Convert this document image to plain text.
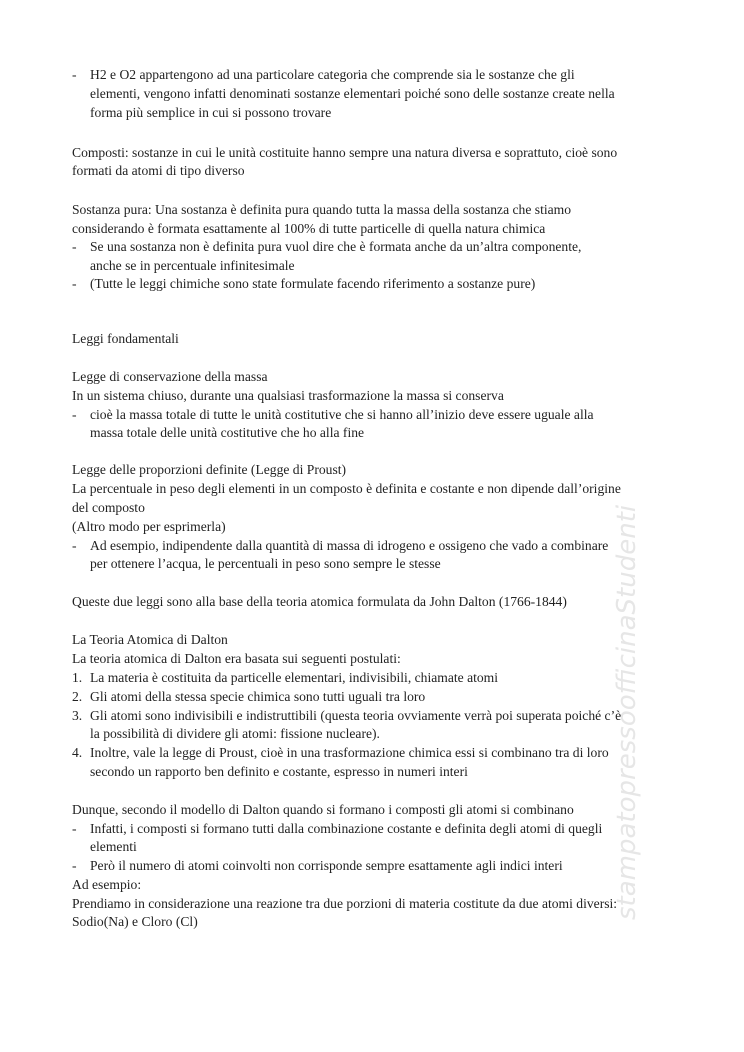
stampatopressoofficinaStudenti
- H2 e O2 appartengono ad una particolare categoria che comprende sia le sostanze che gli
elementi, vengono infatti denominati sostanze elementari poiché sono delle sostanze create nella
forma più semplice in cui si possono trovare
Composti: sostanze in cui le unità costituite hanno sempre una natura diversa e soprattuto, cioè sono
formati da atomi di tipo diverso
Sostanza pura: Una sostanza è definita pura quando tutta la massa della sostanza che stiamo
considerando è formata esattamente al 100% di tutte particelle di quella natura chimica
- Se una sostanza non è definita pura vuol dire che è formata anche da un’altra componente,
anche se in percentuale infinitesimale
- (Tutte le leggi chimiche sono state formulate facendo riferimento a sostanze pure)
Leggi fondamentali
Legge di conservazione della massa
In un sistema chiuso, durante una qualsiasi trasformazione la massa si conserva
- cioè la massa totale di tutte le unità costitutive che si hanno all’inizio deve essere uguale alla
massa totale delle unità costitutive che ho alla fine
Legge delle proporzioni definite (Legge di Proust)
La percentuale in peso degli elementi in un composto è definita e costante e non dipende dall’origine
del composto
(Altro modo per esprimerla)
- Ad esempio, indipendente dalla quantità di massa di idrogeno e ossigeno che vado a combinare
per ottenere l’acqua, le percentuali in peso sono sempre le stesse
Queste due leggi sono alla base della teoria atomica formulata da John Dalton (1766-1844)
La Teoria Atomica di Dalton
La teoria atomica di Dalton era basata sui seguenti postulati:
1. La materia è costituita da particelle elementari, indivisibili, chiamate atomi
2. Gli atomi della stessa specie chimica sono tutti uguali tra loro
3. Gli atomi sono indivisibili e indistruttibili (questa teoria ovviamente verrà poi superata poiché c’è
la possibilità di dividere gli atomi: fissione nucleare).
4. Inoltre, vale la legge di Proust, cioè in una trasformazione chimica essi si combinano tra di loro
secondo un rapporto ben definito e costante, espresso in numeri interi
Dunque, secondo il modello di Dalton quando si formano i composti gli atomi si combinano
- Infatti, i composti si formano tutti dalla combinazione costante e definita degli atomi di quegli
elementi
- Però il numero di atomi coinvolti non corrisponde sempre esattamente agli indici interi
Ad esempio:
Prendiamo in considerazione una reazione tra due porzioni di materia costitute da due atomi diversi:
Sodio(Na) e Cloro (Cl)
